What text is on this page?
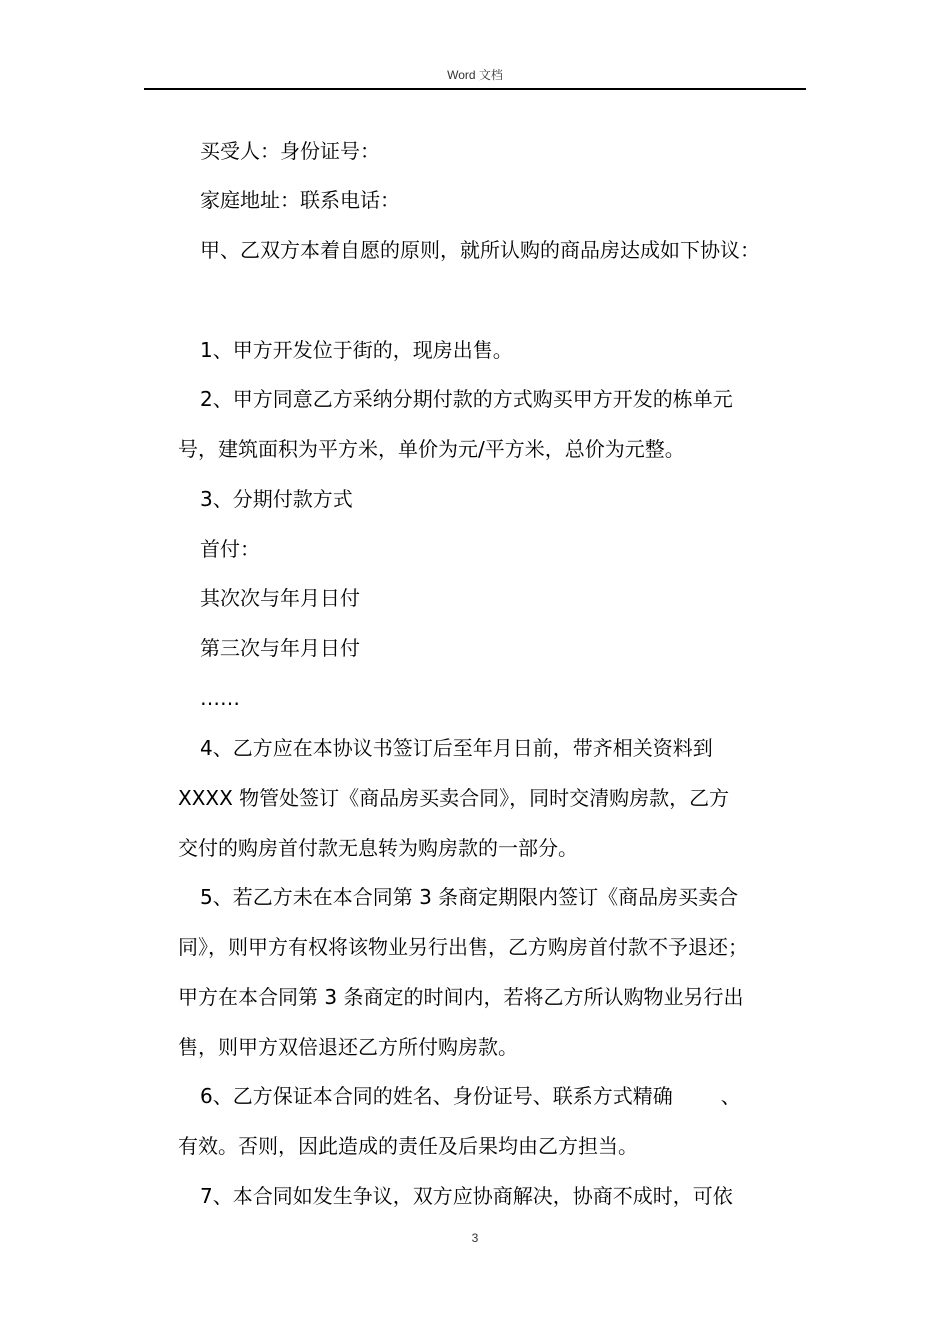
Word 文档
买受人：身份证号：
家庭地址：联系电话：
甲、乙双方本着自愿的原则，就所认购的商品房达成如下协议：
1、甲方开发位于街的，现房出售。
2、甲方同意乙方采纳分期付款的方式购买甲方开发的栋单元
号，建筑面积为平方米，单价为元/平方米，总价为元整。
3、分期付款方式
首付：
其次次与年月日付
第三次与年月日付
……
4、乙方应在本协议书签订后至年月日前，带齐相关资料到
XXXX 物管处签订《商品房买卖合同》，同时交清购房款，乙方
交付的购房首付款无息转为购房款的一部分。
5、若乙方未在本合同第 3 条商定期限内签订《商品房买卖合
同》，则甲方有权将该物业另行出售，乙方购房首付款不予退还；
甲方在本合同第 3 条商定的时间内，若将乙方所认购物业另行出
售，则甲方双倍退还乙方所付购房款。
6、乙方保证本合同的姓名、身份证号、联系方式精确 、
有效。否则，因此造成的责任及后果均由乙方担当。
7、本合同如发生争议，双方应协商解决，协商不成时，可依
3
